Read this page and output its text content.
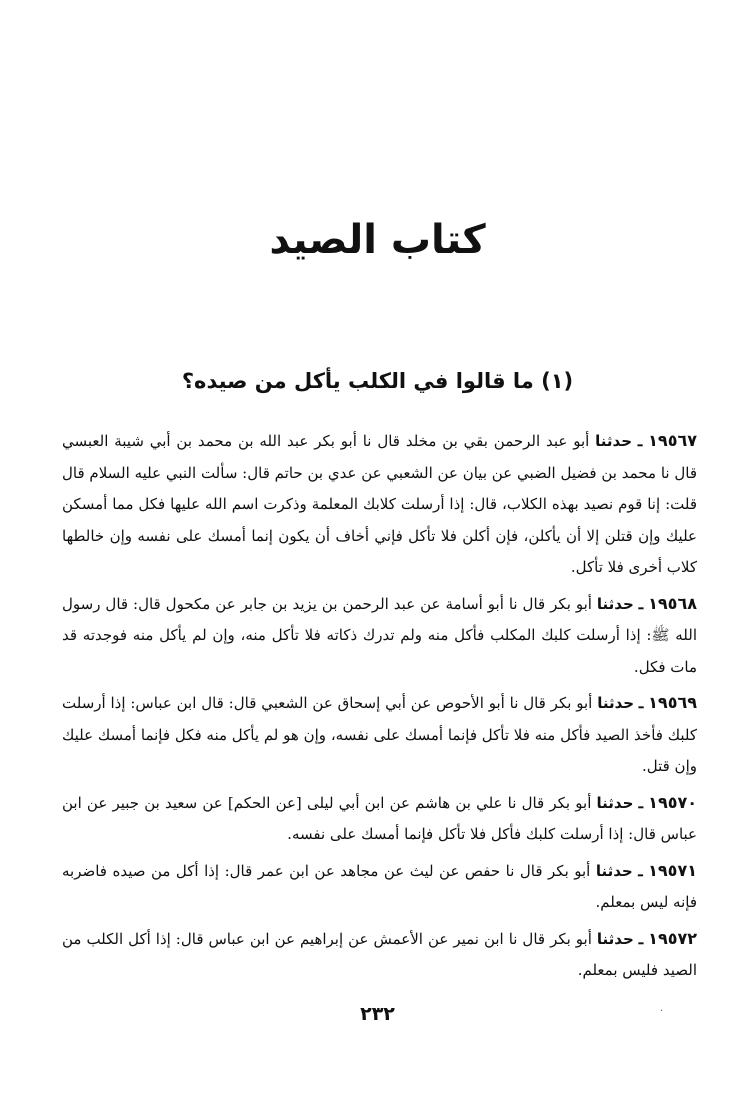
كتاب الصيد
(١) ما قالوا في الكلب يأكل من صيده؟

١٩٥٦٧ ـ حدثنا أبو عبد الرحمن بقي بن مخلد قال نا أبو بكر عبد الله بن محمد بن أبي شيبة العبسي قال نا محمد بن فضيل الضبي عن بيان عن الشعبي عن عدي بن حاتم قال: سألت النبي عليه السلام قال قلت: إنا قوم نصيد بهذه الكلاب، قال: إذا أرسلت كلابك المعلمة وذكرت اسم الله عليها فكل مما أمسكن عليك وإن قتلن إلا أن يأكلن، فإن أكلن فلا تأكل فإني أخاف أن يكون إنما أمسك على نفسه وإن خالطها كلاب أخرى فلا تأكل.

١٩٥٦٨ ـ حدثنا أبو بكر قال نا أبو أسامة عن عبد الرحمن بن يزيد بن جابر عن مكحول قال: قال رسول الله ﷺ: إذا أرسلت كلبك المكلب فأكل منه ولم تدرك ذكاته فلا تأكل منه، وإن لم يأكل منه فوجدته قد مات فكل.

١٩٥٦٩ ـ حدثنا أبو بكر قال نا أبو الأحوص عن أبي إسحاق عن الشعبي قال: قال ابن عباس: إذا أرسلت كلبك فأخذ الصيد فأكل منه فلا تأكل فإنما أمسك على نفسه، وإن هو لم يأكل منه فكل فإنما أمسك عليك وإن قتل.

١٩٥٧٠ ـ حدثنا أبو بكر قال نا علي بن هاشم عن ابن أبي ليلى [عن الحكم] عن سعيد بن جبير عن ابن عباس قال: إذا أرسلت كلبك فأكل فلا تأكل فإنما أمسك على نفسه.

١٩٥٧١ ـ حدثنا أبو بكر قال نا حفص عن ليث عن مجاهد عن ابن عمر قال: إذا أكل من صيده فاضربه فإنه ليس بمعلم.

١٩٥٧٢ ـ حدثنا أبو بكر قال نا ابن نمير عن الأعمش عن إبراهيم عن ابن عباس قال: إذا أكل الكلب من الصيد فليس بمعلم.

٢٣٢	·
